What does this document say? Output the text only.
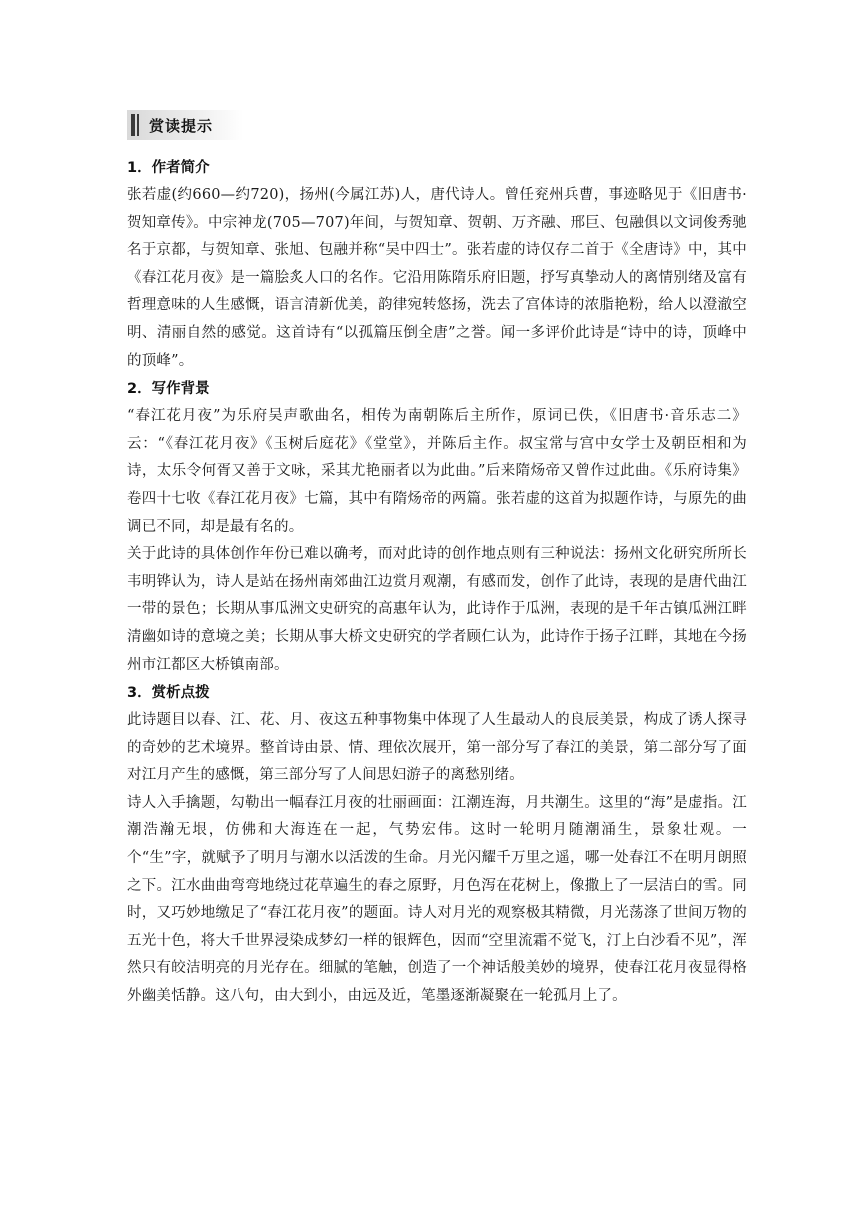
赏读提示

1．作者简介

张若虚(约660—约720)，扬州(今属江苏)人，唐代诗人。曾任兖州兵曹，事迹略见于《旧唐书·贺知章传》。中宗神龙(705—707)年间，与贺知章、贺朝、万齐融、邢巨、包融俱以文词俊秀驰名于京都，与贺知章、张旭、包融并称“吴中四士”。张若虚的诗仅存二首于《全唐诗》中，其中《春江花月夜》是一篇脍炙人口的名作。它沿用陈隋乐府旧题，抒写真挚动人的离情别绪及富有哲理意味的人生感慨，语言清新优美，韵律宛转悠扬，洗去了宫体诗的浓脂艳粉，给人以澄澈空明、清丽自然的感觉。这首诗有“以孤篇压倒全唐”之誉。闻一多评价此诗是“诗中的诗，顶峰中的顶峰”。

2．写作背景

“春江花月夜”为乐府吴声歌曲名，相传为南朝陈后主所作，原词已佚，《旧唐书·音乐志二》云：“《春江花月夜》《玉树后庭花》《堂堂》，并陈后主作。叔宝常与宫中女学士及朝臣相和为诗，太乐令何胥又善于文咏，采其尤艳丽者以为此曲。”后来隋炀帝又曾作过此曲。《乐府诗集》卷四十七收《春江花月夜》七篇，其中有隋炀帝的两篇。张若虚的这首为拟题作诗，与原先的曲调已不同，却是最有名的。

关于此诗的具体创作年份已难以确考，而对此诗的创作地点则有三种说法：扬州文化研究所所长韦明铧认为，诗人是站在扬州南郊曲江边赏月观潮，有感而发，创作了此诗，表现的是唐代曲江一带的景色；长期从事瓜洲文史研究的高惠年认为，此诗作于瓜洲，表现的是千年古镇瓜洲江畔清幽如诗的意境之美；长期从事大桥文史研究的学者顾仁认为，此诗作于扬子江畔，其地在今扬州市江都区大桥镇南部。

3．赏析点拨

此诗题目以春、江、花、月、夜这五种事物集中体现了人生最动人的良辰美景，构成了诱人探寻的奇妙的艺术境界。整首诗由景、情、理依次展开，第一部分写了春江的美景，第二部分写了面对江月产生的感慨，第三部分写了人间思妇游子的离愁别绪。

诗人入手擒题，勾勒出一幅春江月夜的壮丽画面：江潮连海，月共潮生。这里的“海”是虚指。江潮浩瀚无垠，仿佛和大海连在一起，气势宏伟。这时一轮明月随潮涌生，景象壮观。一个“生”字，就赋予了明月与潮水以活泼的生命。月光闪耀千万里之遥，哪一处春江不在明月朗照之下。江水曲曲弯弯地绕过花草遍生的春之原野，月色泻在花树上，像撒上了一层洁白的雪。同时，又巧妙地缴足了“春江花月夜”的题面。诗人对月光的观察极其精微，月光荡涤了世间万物的五光十色，将大千世界浸染成梦幻一样的银辉色，因而“空里流霜不觉飞，汀上白沙看不见”，浑然只有皎洁明亮的月光存在。细腻的笔触，创造了一个神话般美妙的境界，使春江花月夜显得格外幽美恬静。这八句，由大到小，由远及近，笔墨逐渐凝聚在一轮孤月上了。
